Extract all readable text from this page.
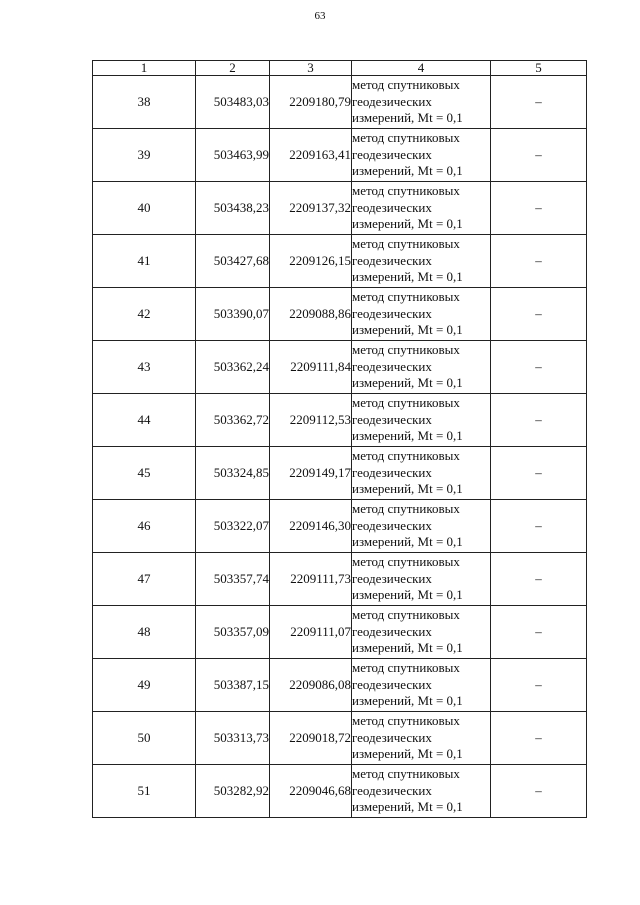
63
1	2	3	4	5
38	503483,03	2209180,79	метод спутниковых
геодезических
измерений, Mt = 0,1	–
39	503463,99	2209163,41	метод спутниковых
геодезических
измерений, Mt = 0,1	–
40	503438,23	2209137,32	метод спутниковых
геодезических
измерений, Mt = 0,1	–
41	503427,68	2209126,15	метод спутниковых
геодезических
измерений, Mt = 0,1	–
42	503390,07	2209088,86	метод спутниковых
геодезических
измерений, Mt = 0,1	–
43	503362,24	2209111,84	метод спутниковых
геодезических
измерений, Mt = 0,1	–
44	503362,72	2209112,53	метод спутниковых
геодезических
измерений, Mt = 0,1	–
45	503324,85	2209149,17	метод спутниковых
геодезических
измерений, Mt = 0,1	–
46	503322,07	2209146,30	метод спутниковых
геодезических
измерений, Mt = 0,1	–
47	503357,74	2209111,73	метод спутниковых
геодезических
измерений, Mt = 0,1	–
48	503357,09	2209111,07	метод спутниковых
геодезических
измерений, Mt = 0,1	–
49	503387,15	2209086,08	метод спутниковых
геодезических
измерений, Mt = 0,1	–
50	503313,73	2209018,72	метод спутниковых
геодезических
измерений, Mt = 0,1	–
51	503282,92	2209046,68	метод спутниковых
геодезических
измерений, Mt = 0,1	–
